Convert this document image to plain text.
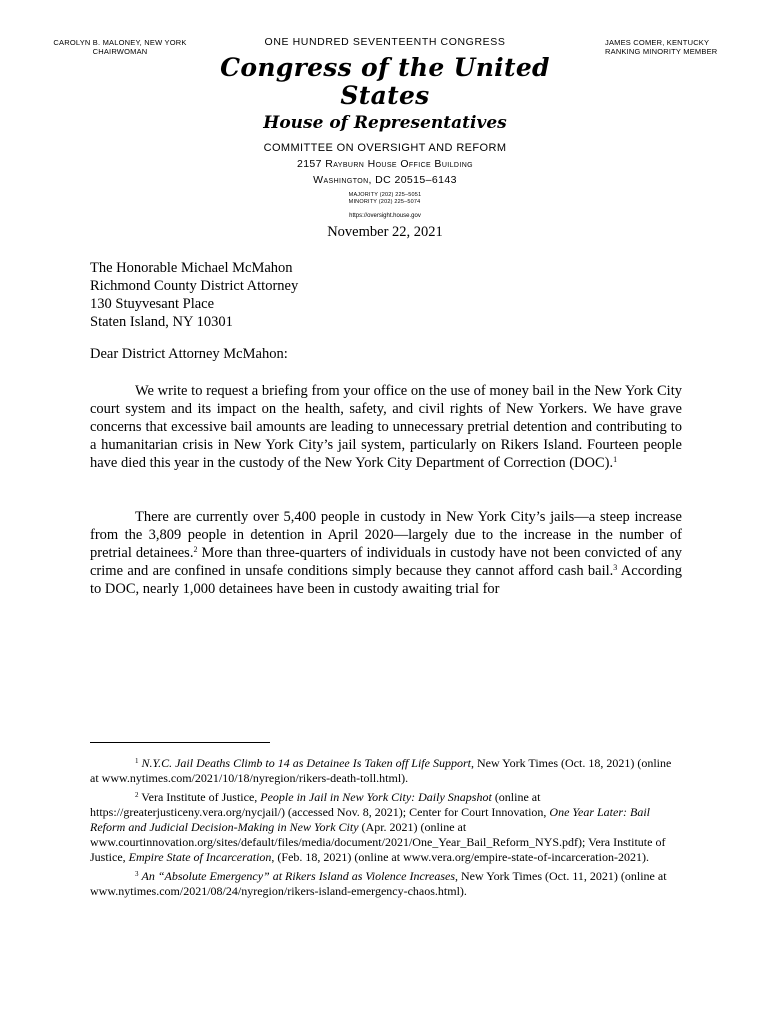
CAROLYN B. MALONEY, NEW YORK
CHAIRWOMAN
ONE HUNDRED SEVENTEENTH CONGRESS
Congress of the United States
House of Representatives
COMMITTEE ON OVERSIGHT AND REFORM
2157 Rayburn House Office Building
Washington, DC 20515–6143
MAJORITY (202) 225–5051
MINORITY (202) 225–5074
https://oversight.house.gov
JAMES COMER, KENTUCKY
RANKING MINORITY MEMBER
November 22, 2021
The Honorable Michael McMahon
Richmond County District Attorney
130 Stuyvesant Place
Staten Island, NY 10301
Dear District Attorney McMahon:

We write to request a briefing from your office on the use of money bail in the New York City court system and its impact on the health, safety, and civil rights of New Yorkers. We have grave concerns that excessive bail amounts are leading to unnecessary pretrial detention and contributing to a humanitarian crisis in New York City’s jail system, particularly on Rikers Island. Fourteen people have died this year in the custody of the New York City Department of Correction (DOC).$^1$

There are currently over 5,400 people in custody in New York City’s jails—a steep increase from the 3,809 people in detention in April 2020—largely due to the increase in the number of pretrial detainees.$^2$ More than three-quarters of individuals in custody have not been convicted of any crime and are confined in unsafe conditions simply because they cannot afford cash bail.$^3$ According to DOC, nearly 1,000 detainees have been in custody awaiting trial for

$^1$ N.Y.C. Jail Deaths Climb to 14 as Detainee Is Taken off Life Support, New York Times (Oct. 18, 2021) (online at www.nytimes.com/2021/10/18/nyregion/rikers-death-toll.html).

$^2$ Vera Institute of Justice, People in Jail in New York City: Daily Snapshot (online at https://greaterjusticeny.vera.org/nycjail/) (accessed Nov. 8, 2021); Center for Court Innovation, One Year Later: Bail Reform and Judicial Decision-Making in New York City (Apr. 2021) (online at www.courtinnovation.org/sites/default/files/media/document/2021/One_Year_Bail_Reform_NYS.pdf); Vera Institute of Justice, Empire State of Incarceration, (Feb. 18, 2021) (online at www.vera.org/empire-state-of-incarceration-2021).

$^3$ An “Absolute Emergency” at Rikers Island as Violence Increases, New York Times (Oct. 11, 2021) (online at www.nytimes.com/2021/08/24/nyregion/rikers-island-emergency-chaos.html).
